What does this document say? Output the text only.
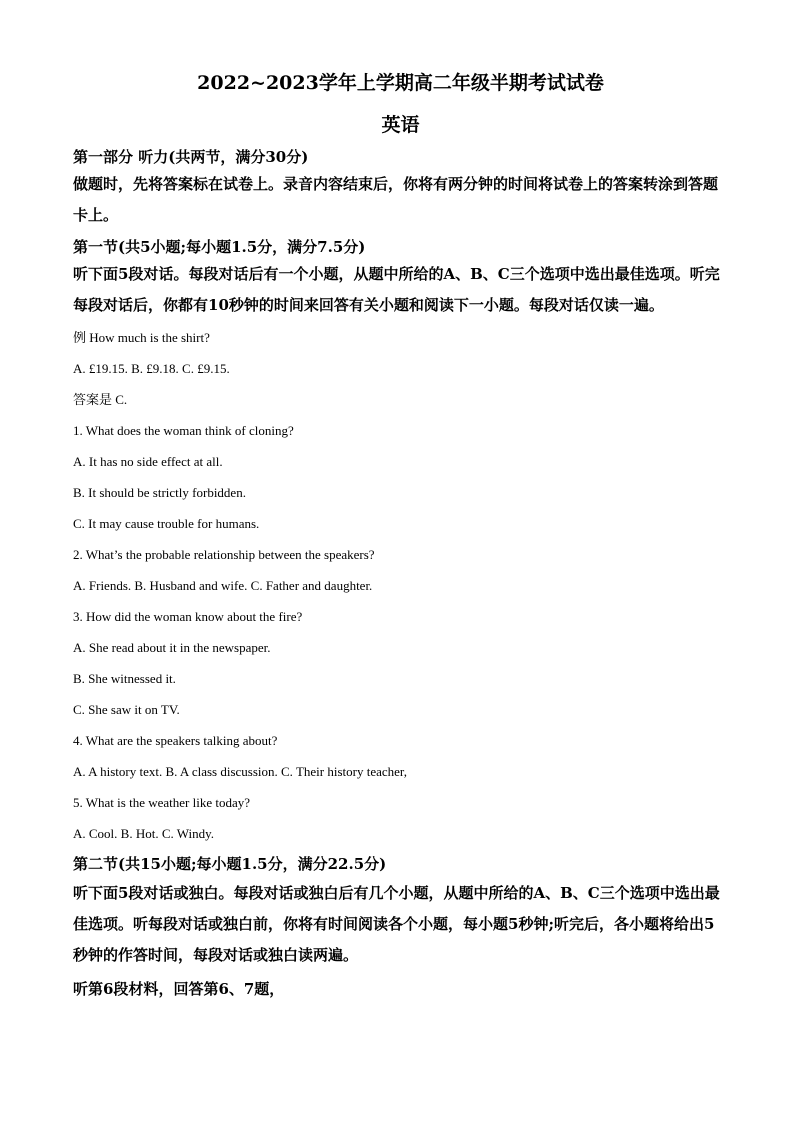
2022~2023学年上学期高二年级半期考试试卷
英语
第一部分 听力(共两节，满分30分)
做题时，先将答案标在试卷上。录音内容结束后，你将有两分钟的时间将试卷上的答案转涂到答题卡上。
第一节(共5小题;每小题1.5分，满分7.5分)
听下面5段对话。每段对话后有一个小题，从题中所给的A、B、C三个选项中选出最佳选项。听完每段对话后，你都有10秒钟的时间来回答有关小题和阅读下一小题。每段对话仅读一遍。
例 How much is the shirt?
A. £19.15. B. £9.18. C. £9.15.
答案是 C.
1. What does the woman think of cloning?
A. It has no side effect at all.
B. It should be strictly forbidden.
C. It may cause trouble for humans.
2. What’s the probable relationship between the speakers?
A. Friends. B. Husband and wife. C. Father and daughter.
3. How did the woman know about the fire?
A. She read about it in the newspaper.
B. She witnessed it.
C. She saw it on TV.
4. What are the speakers talking about?
A. A history text. B. A class discussion. C. Their history teacher,
5. What is the weather like today?
A. Cool. B. Hot. C. Windy.
第二节(共15小题;每小题1.5分，满分22.5分)
听下面5段对话或独白。每段对话或独白后有几个小题，从题中所给的A、B、C三个选项中选出最佳选项。听每段对话或独白前，你将有时间阅读各个小题，每小题5秒钟;听完后，各小题将给出5秒钟的作答时间，每段对话或独白读两遍。
听第6段材料，回答第6、7题，
